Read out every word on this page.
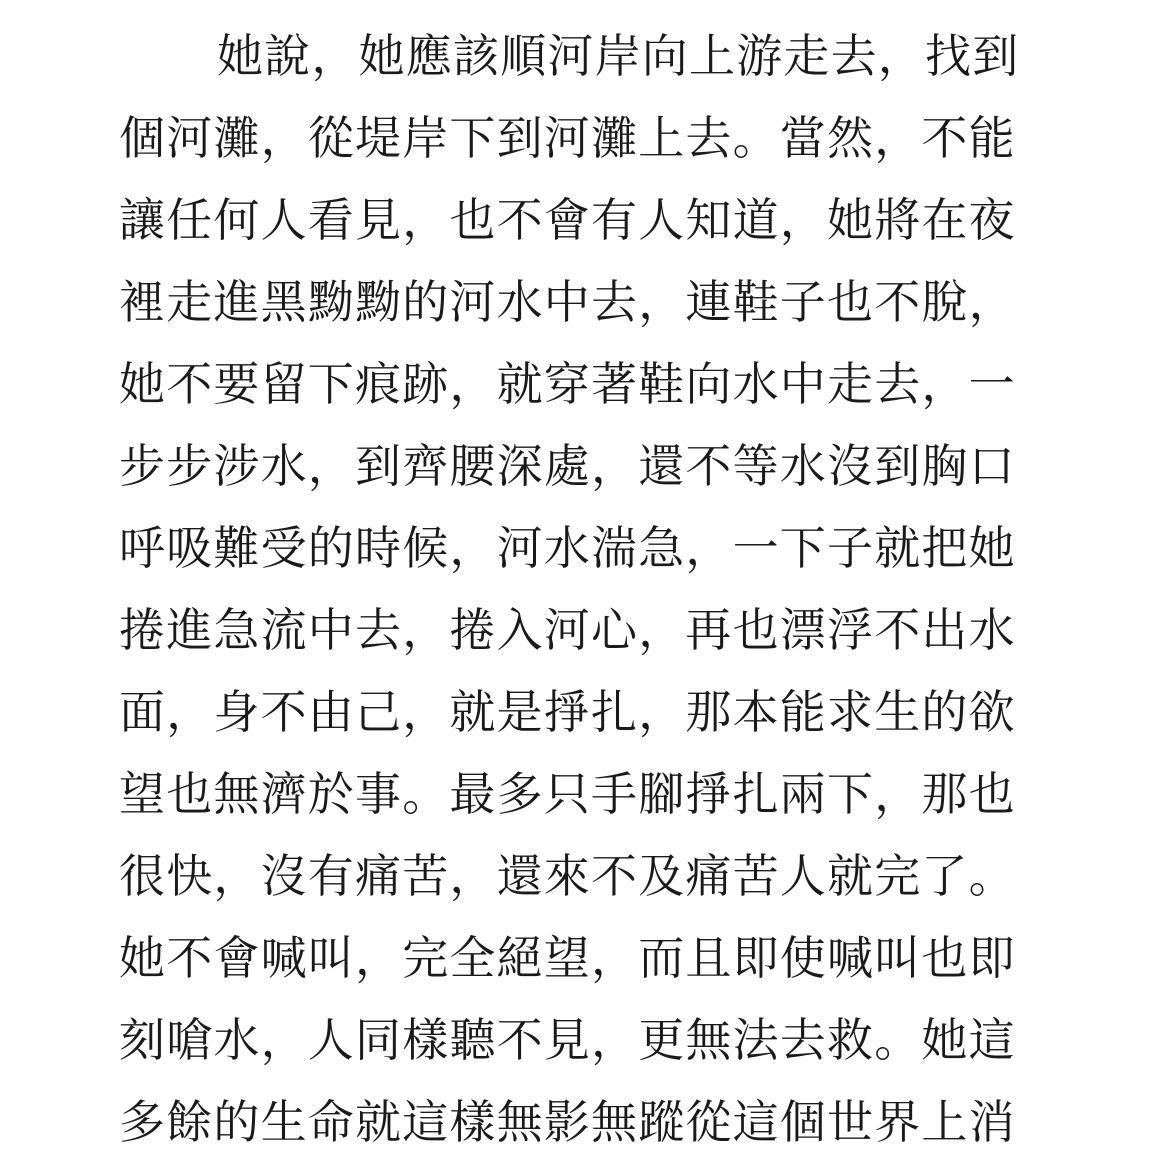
她說，她應該順河岸向上游走去，找到
個河灘，從堤岸下到河灘上去。當然，不能
讓任何人看見，也不會有人知道，她將在夜
裡走進黑黝黝的河水中去，連鞋子也不脫，
她不要留下痕跡，就穿著鞋向水中走去，一
步步涉水，到齊腰深處，還不等水沒到胸口
呼吸難受的時候，河水湍急，一下子就把她
捲進急流中去，捲入河心，再也漂浮不出水
面，身不由己，就是掙扎，那本能求生的欲
望也無濟於事。最多只手腳掙扎兩下，那也
很快，沒有痛苦，還來不及痛苦人就完了。
她不會喊叫，完全絕望，而且即使喊叫也即
刻嗆水，人同樣聽不見，更無法去救。她這
多餘的生命就這樣無影無蹤從這個世界上消
